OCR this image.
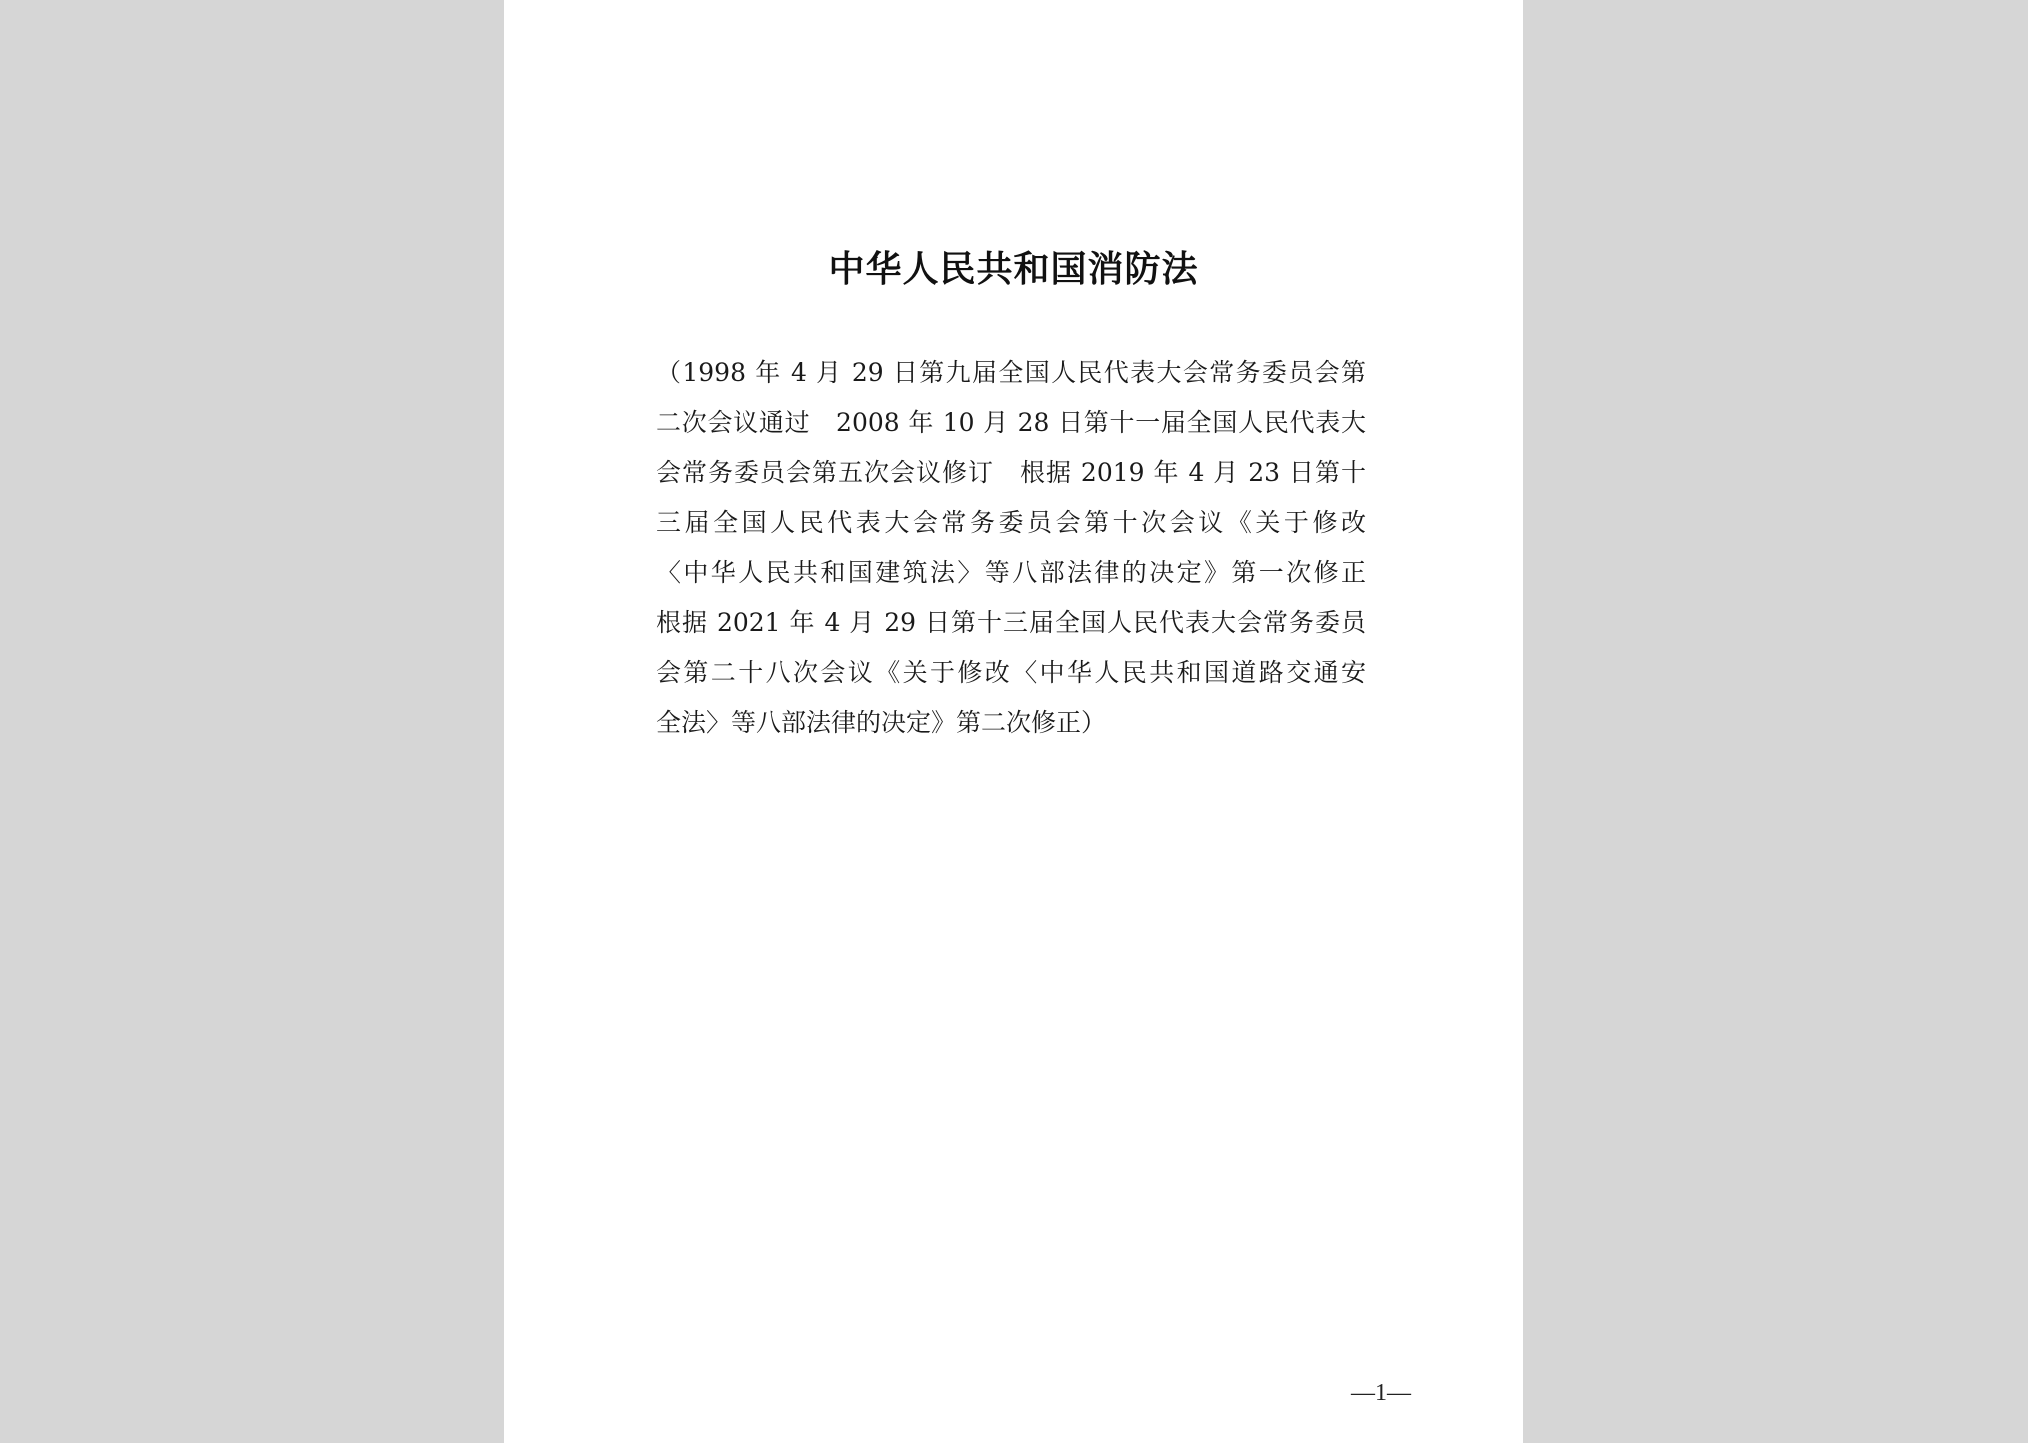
中华人民共和国消防法
（1998 年 4 月 29 日第九届全国人民代表大会常务委员会第
二次会议通过　2008 年 10 月 28 日第十一届全国人民代表大
会常务委员会第五次会议修订　根据 2019 年 4 月 23 日第十
三届全国人民代表大会常务委员会第十次会议《关于修改
〈中华人民共和国建筑法〉等八部法律的决定》第一次修正
根据 2021 年 4 月 29 日第十三届全国人民代表大会常务委员
会第二十八次会议《关于修改〈中华人民共和国道路交通安
全法〉等八部法律的决定》第二次修正）
—1—
